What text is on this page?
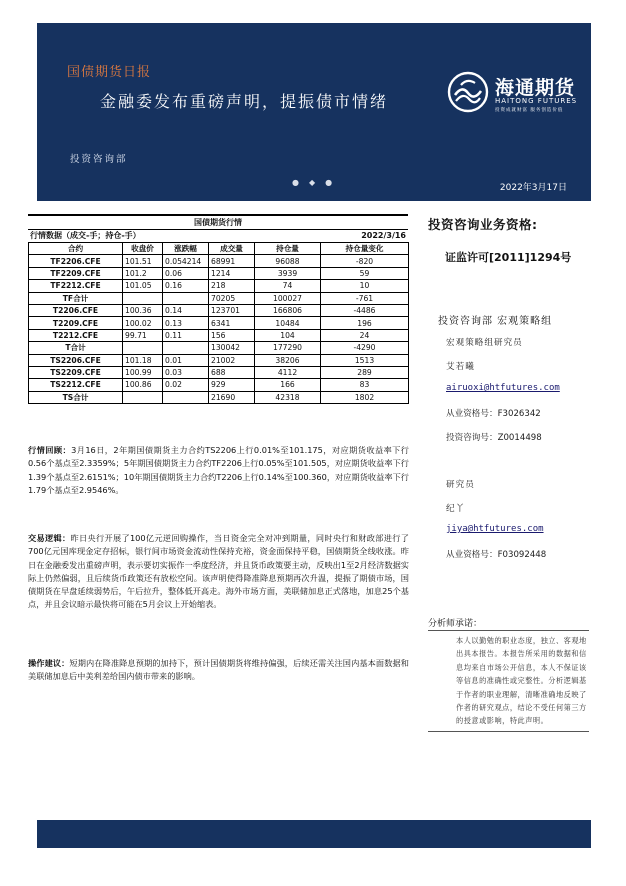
国债期货日报
金融委发布重磅声明，提振债市情绪
投资咨询部
●◆●
2022年3月17日
海通期货
HAITONG FUTURES
投资成就财富 服务创造价值
国债期货行情
行情数据（成交-手；持仓-手）	2022/3/16
合约	收盘价	涨跌幅	成交量	持仓量	持仓量变化
TF2206.CFE	101.51	0.054214	68991	96088	-820
TF2209.CFE	101.2	0.06	1214	3939	59
TF2212.CFE	101.05	0.16	218	74	10
TF合计			70205	100027	-761
T2206.CFE	100.36	0.14	123701	166806	-4486
T2209.CFE	100.02	0.13	6341	10484	196
T2212.CFE	99.71	0.11	156	104	24
T合计			130042	177290	-4290
TS2206.CFE	101.18	0.01	21002	38206	1513
TS2209.CFE	100.99	0.03	688	4112	289
TS2212.CFE	100.86	0.02	929	166	83
TS合计			21690	42318	1802
行情回顾：3月16日，2年期国债期货主力合约TS2206上行0.01%至101.175，对应期货收益率下行0.56个基点至2.3359%；5年期国债期货主力合约TF2206上行0.05%至101.505，对应期货收益率下行1.39个基点至2.6151%；10年期国债期货主力合约T2206上行0.14%至100.360，对应期货收益率下行1.79个基点至2.9546%。
交易逻辑：昨日央行开展了100亿元逆回购操作，当日资金完全对冲到期量，同时央行和财政部进行了700亿元国库现金定存招标，银行间市场资金流动性保持充裕，资金面保持平稳，国债期货全线收涨。昨日在金融委发出重磅声明，表示要切实振作一季度经济，并且货币政策要主动，反映出1至2月经济数据实际上仍然偏弱，且后续货币政策还有放松空间。该声明使得降准降息预期再次升温，提振了期债市场，国债期货在早盘延续弱势后，午后拉升，整体低开高走。海外市场方面，美联储加息正式落地，加息25个基点，并且会议暗示最快将可能在5月会议上开始缩表。
操作建议：短期内在降准降息预期的加持下，预计国债期货将维持偏强，后续还需关注国内基本面数据和美联储加息后中美利差给国内债市带来的影响。
投资咨询业务资格:
证监许可[2011]1294号
投资咨询部 宏观策略组
宏观策略组研究员
艾若曦
airuoxi@htfutures.com
从业资格号：F3026342
投资咨询号：Z0014498
研究员
纪丫
jiya@htfutures.com
从业资格号：F03092448
分析师承诺：
本人以勤勉的职业态度，独立、客观地出具本报告。本报告所采用的数据和信息均来自市场公开信息，本人不保证该等信息的准确性或完整性。分析逻辑基于作者的职业理解，清晰准确地反映了作者的研究观点，结论不受任何第三方的授意或影响，特此声明。
